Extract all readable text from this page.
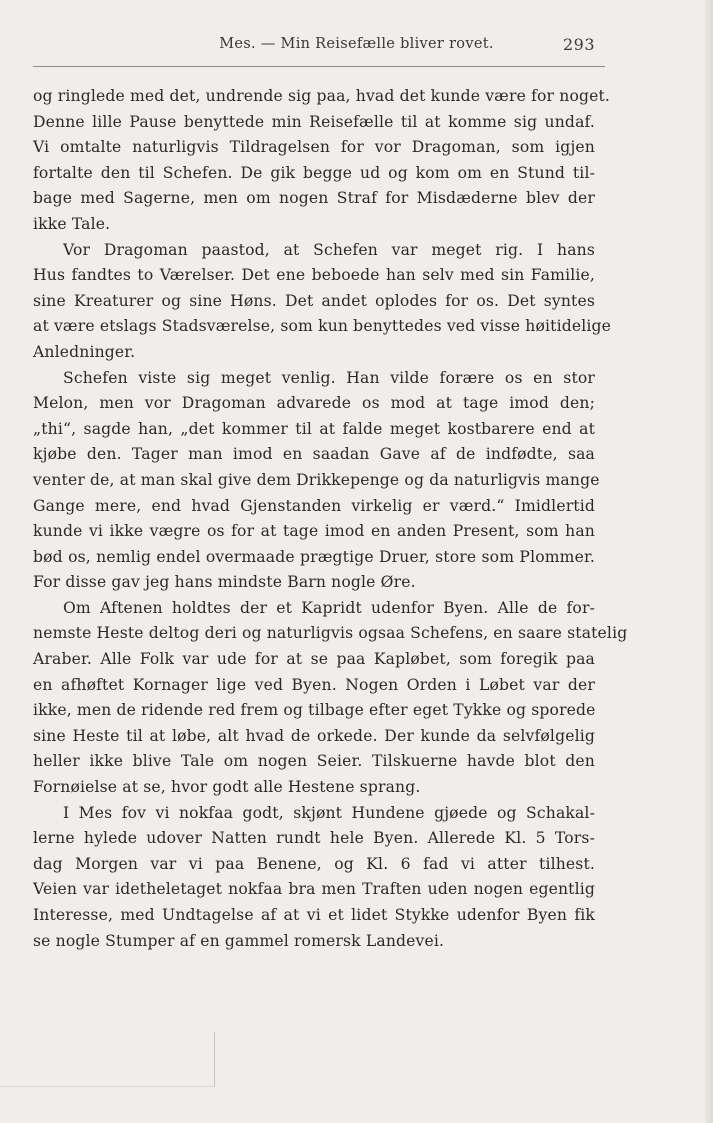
Mes. — Min Reisefælle bliver rovet.	293
og ringlede med det, undrende sig paa, hvad det kunde være for noget.
Denne lille Pause benyttede min Reisefælle til at komme sig undaf.
Vi omtalte naturligvis Tildragelsen for vor Dragoman, som igjen
fortalte den til Schefen. De gik begge ud og kom om en Stund til-
bage med Sagerne, men om nogen Straf for Misdæderne blev der
ikke Tale.
Vor Dragoman paastod, at Schefen var meget rig. I hans
Hus fandtes to Værelser. Det ene beboede han selv med sin Familie,
sine Kreaturer og sine Høns. Det andet oplodes for os. Det syntes
at være etslags Stadsværelse, som kun benyttedes ved visse høitidelige
Anledninger.
Schefen viste sig meget venlig. Han vilde forære os en stor
Melon, men vor Dragoman advarede os mod at tage imod den;
„thi“, sagde han, „det kommer til at falde meget kostbarere end at
kjøbe den. Tager man imod en saadan Gave af de indfødte, saa
venter de, at man skal give dem Drikkepenge og da naturligvis mange
Gange mere, end hvad Gjenstanden virkelig er værd.“ Imidlertid
kunde vi ikke vægre os for at tage imod en anden Present, som han
bød os, nemlig endel overmaade prægtige Druer, store som Plommer.
For disse gav jeg hans mindste Barn nogle Øre.
Om Aftenen holdtes der et Kapridt udenfor Byen. Alle de for-
nemste Heste deltog deri og naturligvis ogsaa Schefens, en saare statelig
Araber. Alle Folk var ude for at se paa Kapløbet, som foregik paa
en afhøftet Kornager lige ved Byen. Nogen Orden i Løbet var der
ikke, men de ridende red frem og tilbage efter eget Tykke og sporede
sine Heste til at løbe, alt hvad de orkede. Der kunde da selvfølgelig
heller ikke blive Tale om nogen Seier. Tilskuerne havde blot den
Fornøielse at se, hvor godt alle Hestene sprang.
I Mes fov vi nokfaa godt, skjønt Hundene gjøede og Schakal-
lerne hylede udover Natten rundt hele Byen. Allerede Kl. 5 Tors-
dag Morgen var vi paa Benene, og Kl. 6 fad vi atter tilhest.
Veien var idetheletaget nokfaa bra men Traften uden nogen egentlig
Interesse, med Undtagelse af at vi et lidet Stykke udenfor Byen fik
se nogle Stumper af en gammel romersk Landevei.
